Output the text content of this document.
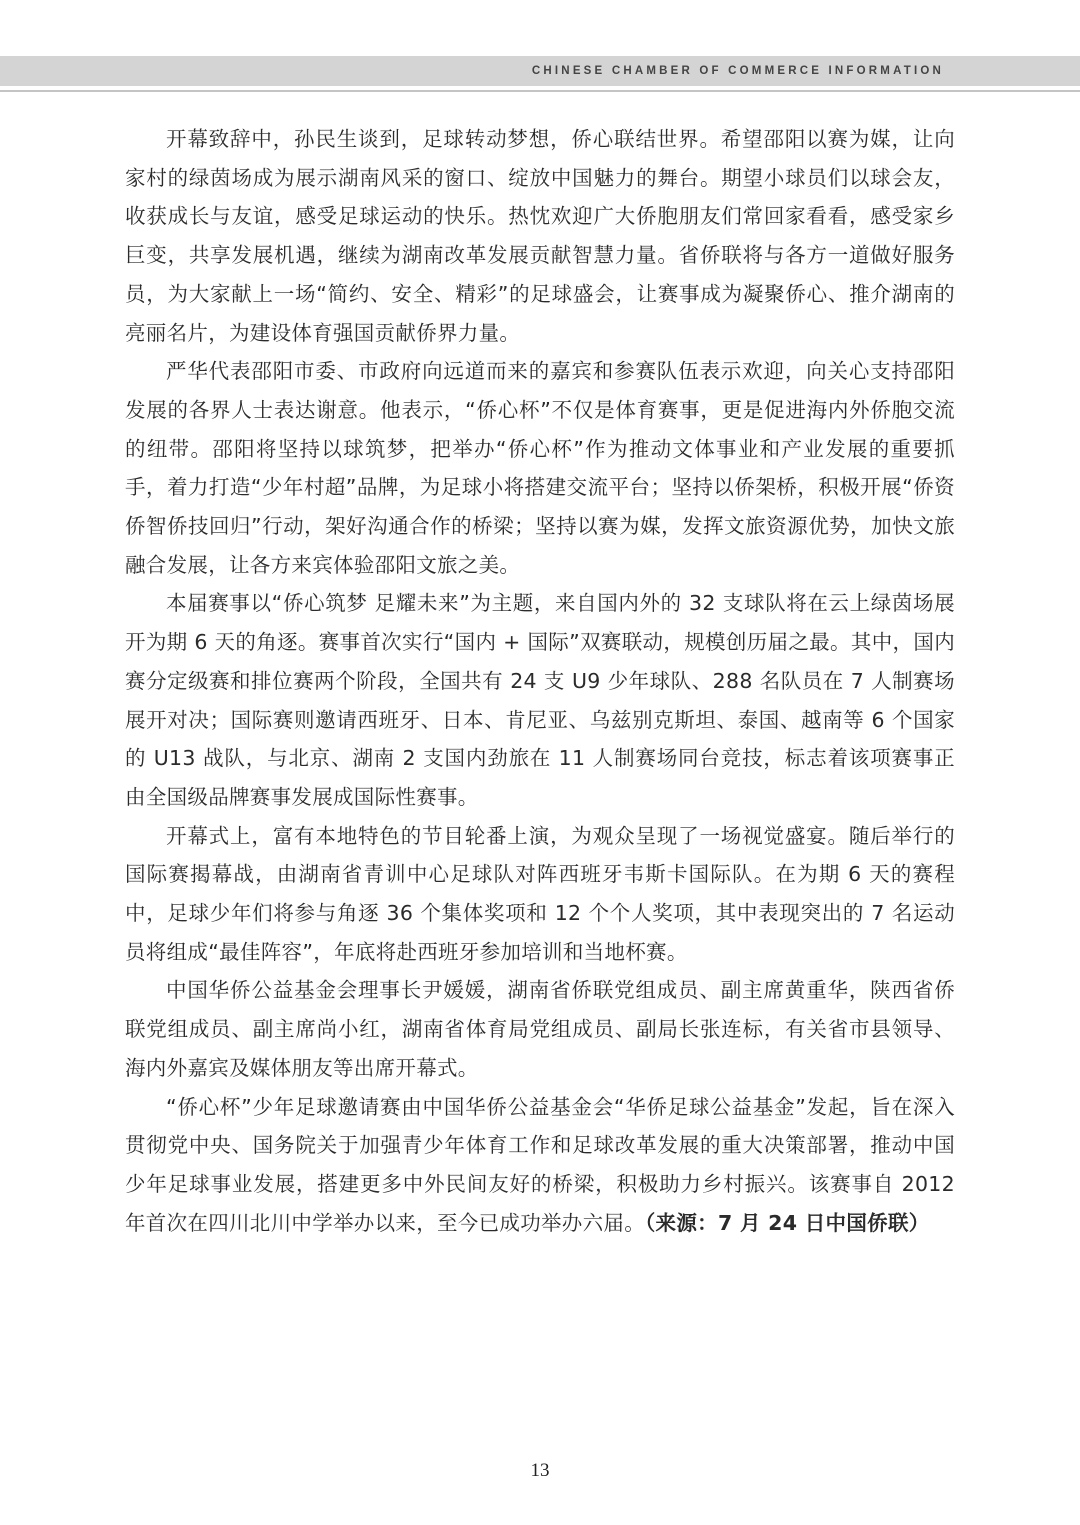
CHINESE CHAMBER OF COMMERCE INFORMATION

开幕致辞中，孙民生谈到，足球转动梦想，侨心联结世界。希望邵阳以赛为媒，让向家村的绿茵场成为展示湖南风采的窗口、绽放中国魅力的舞台。期望小球员们以球会友，收获成长与友谊，感受足球运动的快乐。热忱欢迎广大侨胞朋友们常回家看看，感受家乡巨变，共享发展机遇，继续为湖南改革发展贡献智慧力量。省侨联将与各方一道做好服务员，为大家献上一场“简约、安全、精彩”的足球盛会，让赛事成为凝聚侨心、推介湖南的亮丽名片，为建设体育强国贡献侨界力量。

严华代表邵阳市委、市政府向远道而来的嘉宾和参赛队伍表示欢迎，向关心支持邵阳发展的各界人士表达谢意。他表示，“侨心杯”不仅是体育赛事，更是促进海内外侨胞交流的纽带。邵阳将坚持以球筑梦，把举办“侨心杯”作为推动文体事业和产业发展的重要抓手，着力打造“少年村超”品牌，为足球小将搭建交流平台；坚持以侨架桥，积极开展“侨资侨智侨技回归”行动，架好沟通合作的桥梁；坚持以赛为媒，发挥文旅资源优势，加快文旅融合发展，让各方来宾体验邵阳文旅之美。

本届赛事以“侨心筑梦 足耀未来”为主题，来自国内外的 32 支球队将在云上绿茵场展开为期 6 天的角逐。赛事首次实行“国内 + 国际”双赛联动，规模创历届之最。其中，国内赛分定级赛和排位赛两个阶段，全国共有 24 支 U9 少年球队、288 名队员在 7 人制赛场展开对决；国际赛则邀请西班牙、日本、肯尼亚、乌兹别克斯坦、泰国、越南等 6 个国家的 U13 战队，与北京、湖南 2 支国内劲旅在 11 人制赛场同台竞技，标志着该项赛事正由全国级品牌赛事发展成国际性赛事。

开幕式上，富有本地特色的节目轮番上演，为观众呈现了一场视觉盛宴。随后举行的国际赛揭幕战，由湖南省青训中心足球队对阵西班牙韦斯卡国际队。在为期 6 天的赛程中，足球少年们将参与角逐 36 个集体奖项和 12 个个人奖项，其中表现突出的 7 名运动员将组成“最佳阵容”，年底将赴西班牙参加培训和当地杯赛。

中国华侨公益基金会理事长尹媛媛，湖南省侨联党组成员、副主席黄重华，陕西省侨联党组成员、副主席尚小红，湖南省体育局党组成员、副局长张连标，有关省市县领导、海内外嘉宾及媒体朋友等出席开幕式。

“侨心杯”少年足球邀请赛由中国华侨公益基金会“华侨足球公益基金”发起，旨在深入贯彻党中央、国务院关于加强青少年体育工作和足球改革发展的重大决策部署，推动中国少年足球事业发展，搭建更多中外民间友好的桥梁，积极助力乡村振兴。该赛事自 2012 年首次在四川北川中学举办以来，至今已成功举办六届。（来源：7 月 24 日中国侨联）

13
